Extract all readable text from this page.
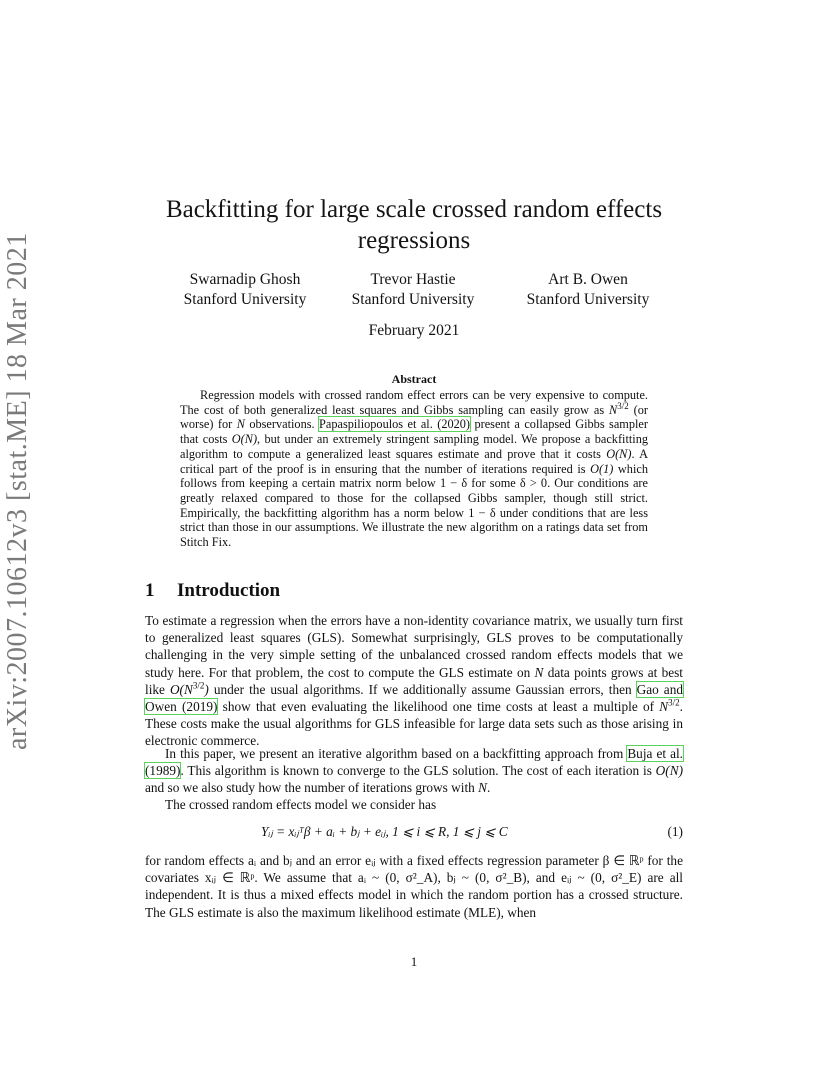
arXiv:2007.10612v3 [stat.ME] 18 Mar 2021
Backfitting for large scale crossed random effects regressions
Swarnadip Ghosh
Stanford University
Trevor Hastie
Stanford University
Art B. Owen
Stanford University
February 2021
Abstract
Regression models with crossed random effect errors can be very expensive to compute. The cost of both generalized least squares and Gibbs sampling can easily grow as $N^{3/2}$ (or worse) for N observations. Papaspiliopoulos et al. (2020) present a collapsed Gibbs sampler that costs O(N), but under an extremely stringent sampling model. We propose a backfitting algorithm to compute a generalized least squares estimate and prove that it costs O(N). A critical part of the proof is in ensuring that the number of iterations required is O(1) which follows from keeping a certain matrix norm below 1 − δ for some δ > 0. Our conditions are greatly relaxed compared to those for the collapsed Gibbs sampler, though still strict. Empirically, the backfitting algorithm has a norm below 1 − δ under conditions that are less strict than those in our assumptions. We illustrate the new algorithm on a ratings data set from Stitch Fix.
1 Introduction
To estimate a regression when the errors have a non-identity covariance matrix, we usually turn first to generalized least squares (GLS). Somewhat surprisingly, GLS proves to be computationally challenging in the very simple setting of the unbalanced crossed random effects models that we study here. For that problem, the cost to compute the GLS estimate on N data points grows at best like $O(N^{3/2})$ under the usual algorithms. If we additionally assume Gaussian errors, then Gao and Owen (2019) show that even evaluating the likelihood one time costs at least a multiple of $N^{3/2}$. These costs make the usual algorithms for GLS infeasible for large data sets such as those arising in electronic commerce.
In this paper, we present an iterative algorithm based on a backfitting approach from Buja et al. (1989). This algorithm is known to converge to the GLS solution. The cost of each iteration is O(N) and so we also study how the number of iterations grows with N.
The crossed random effects model we consider has
Yᵢⱼ = xᵢⱼᵀβ + aᵢ + bⱼ + eᵢⱼ, 1 ⩽ i ⩽ R, 1 ⩽ j ⩽ C	(1)
for random effects aᵢ and bⱼ and an error eᵢⱼ with a fixed effects regression parameter β ∈ ℝᵖ for the covariates xᵢⱼ ∈ ℝᵖ. We assume that aᵢ ~ (0, σ²_A), bⱼ ~ (0, σ²_B), and eᵢⱼ ~ (0, σ²_E) are all independent. It is thus a mixed effects model in which the random portion has a crossed structure. The GLS estimate is also the maximum likelihood estimate (MLE), when
1
